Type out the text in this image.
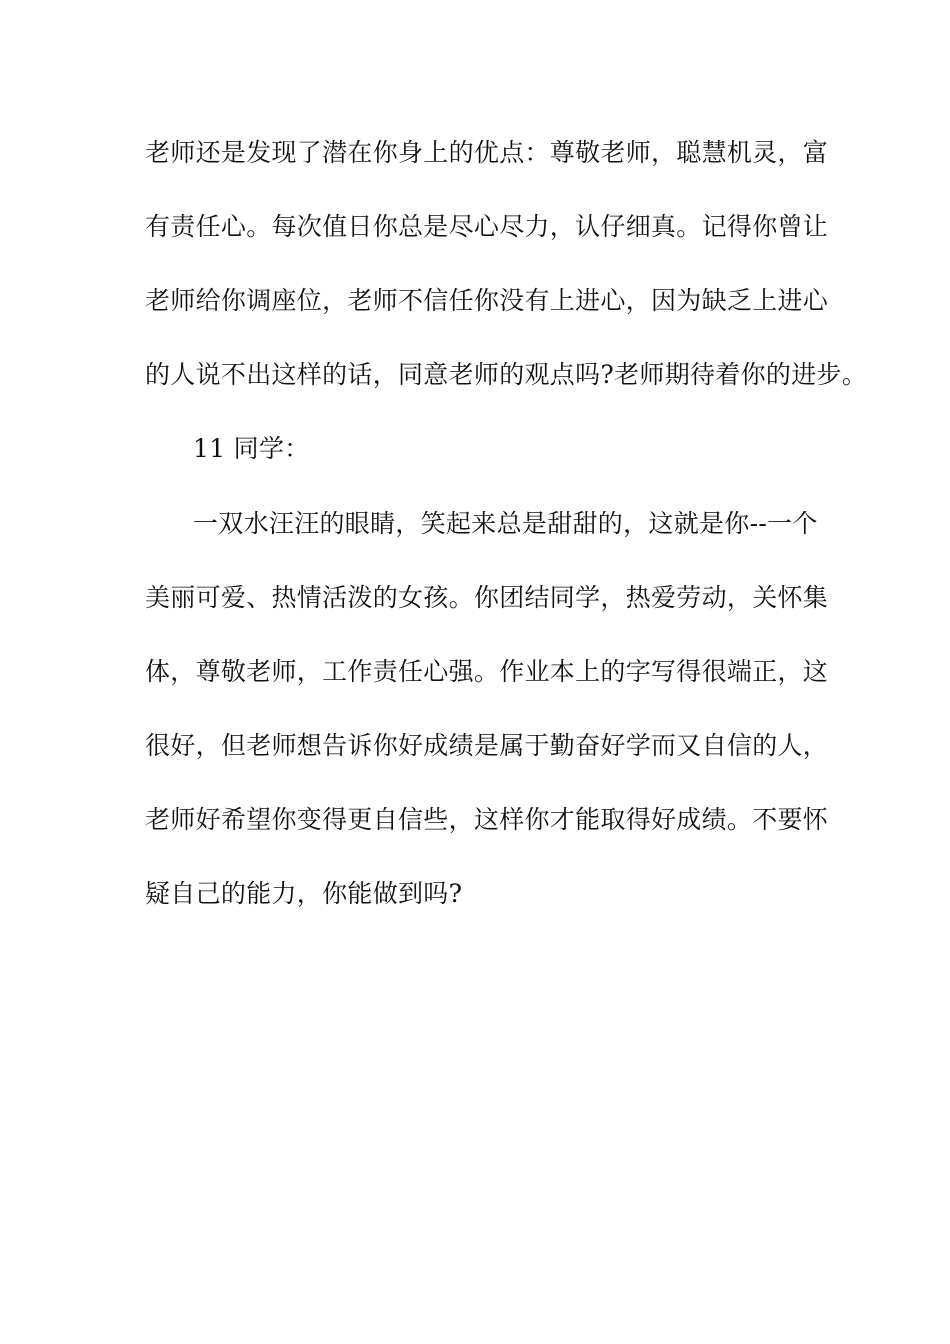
老师还是发现了潜在你身上的优点：尊敬老师，聪慧机灵，富
有责任心。每次值日你总是尽心尽力，认仔细真。记得你曾让
老师给你调座位，老师不信任你没有上进心，因为缺乏上进心
的人说不出这样的话，同意老师的观点吗?老师期待着你的进步。
11 同学：
一双水汪汪的眼睛，笑起来总是甜甜的，这就是你--一个
美丽可爱、热情活泼的女孩。你团结同学，热爱劳动，关怀集
体，尊敬老师，工作责任心强。作业本上的字写得很端正，这
很好，但老师想告诉你好成绩是属于勤奋好学而又自信的人，
老师好希望你变得更自信些，这样你才能取得好成绩。不要怀
疑自己的能力，你能做到吗?
